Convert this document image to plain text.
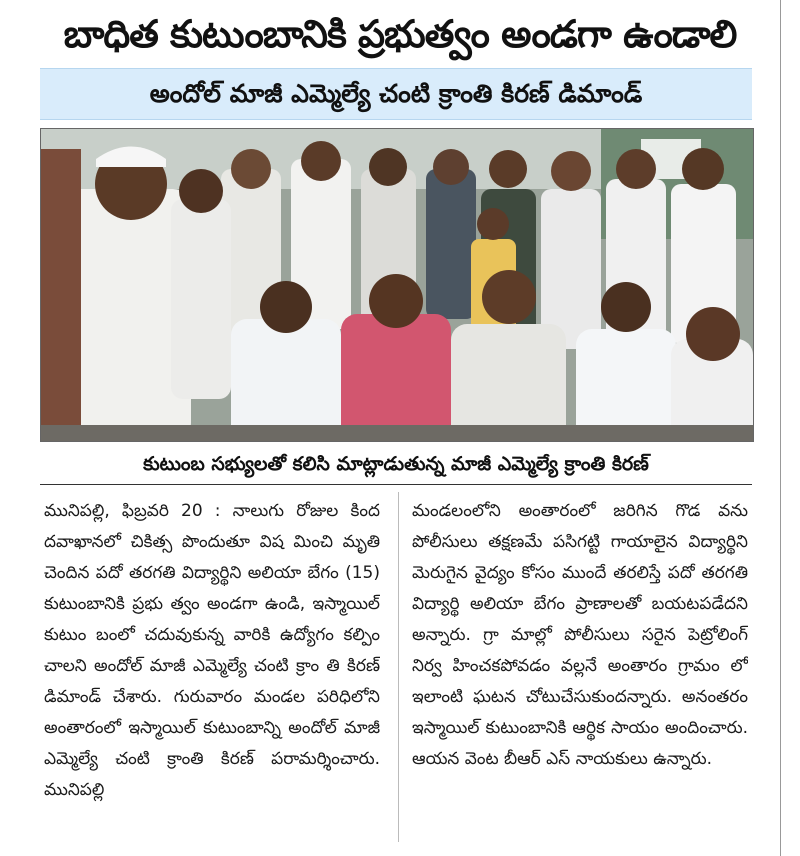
బాధిత కుటుంబానికి ప్రభుత్వం అండగా ఉండాలి
అందోల్ మాజీ ఎమ్మెల్యే చంటి క్రాంతి కిరణ్ డిమాండ్
కుటుంబ సభ్యులతో కలిసి మాట్లాడుతున్న మాజీ ఎమ్మెల్యే క్రాంతి కిరణ్

మునిపల్లి, ఫిబ్రవరి 20 : నాలుగు రోజుల కింద దవాఖానలో చికిత్స పొందుతూ విష మించి మృతి చెందిన పదో తరగతి విద్యార్థిని అలియా బేగం (15) కుటుంబానికి ప్రభు త్వం అండగా ఉండి, ఇస్మాయిల్ కుటుం బంలో చదువుకున్న వారికి ఉద్యోగం కల్పిం చాలని అందోల్ మాజీ ఎమ్మెల్యే చంటి క్రాం తి కిరణ్ డిమాండ్ చేశారు. గురువారం మండల పరిధిలోని అంతారంలో ఇస్మాయిల్ కుటుంబాన్ని అందోల్ మాజీ ఎమ్మెల్యే చంటి క్రాంతి కిరణ్ పరామర్శించారు. మునిపల్లి

మండలంలోని అంతారంలో జరిగిన గొడ వను పోలీసులు తక్షణమే పసిగట్టి గాయాలైన విద్యార్థిని మెరుగైన వైద్యం కోసం ముందే తరలిస్తే పదో తరగతి విద్యార్థి అలియా బేగం ప్రాణాలతో బయటపడేదని అన్నారు. గ్రా మాల్లో పోలీసులు సరైన పెట్రోలింగ్ నిర్వ హించకపోవడం వల్లనే అంతారం గ్రామం లో ఇలాంటి ఘటన చోటుచేసుకుందన్నారు. అనంతరం ఇస్మాయిల్ కుటుంబానికి ఆర్థిక సాయం అందించారు. ఆయన వెంట బీఆర్ ఎస్ నాయకులు ఉన్నారు.
